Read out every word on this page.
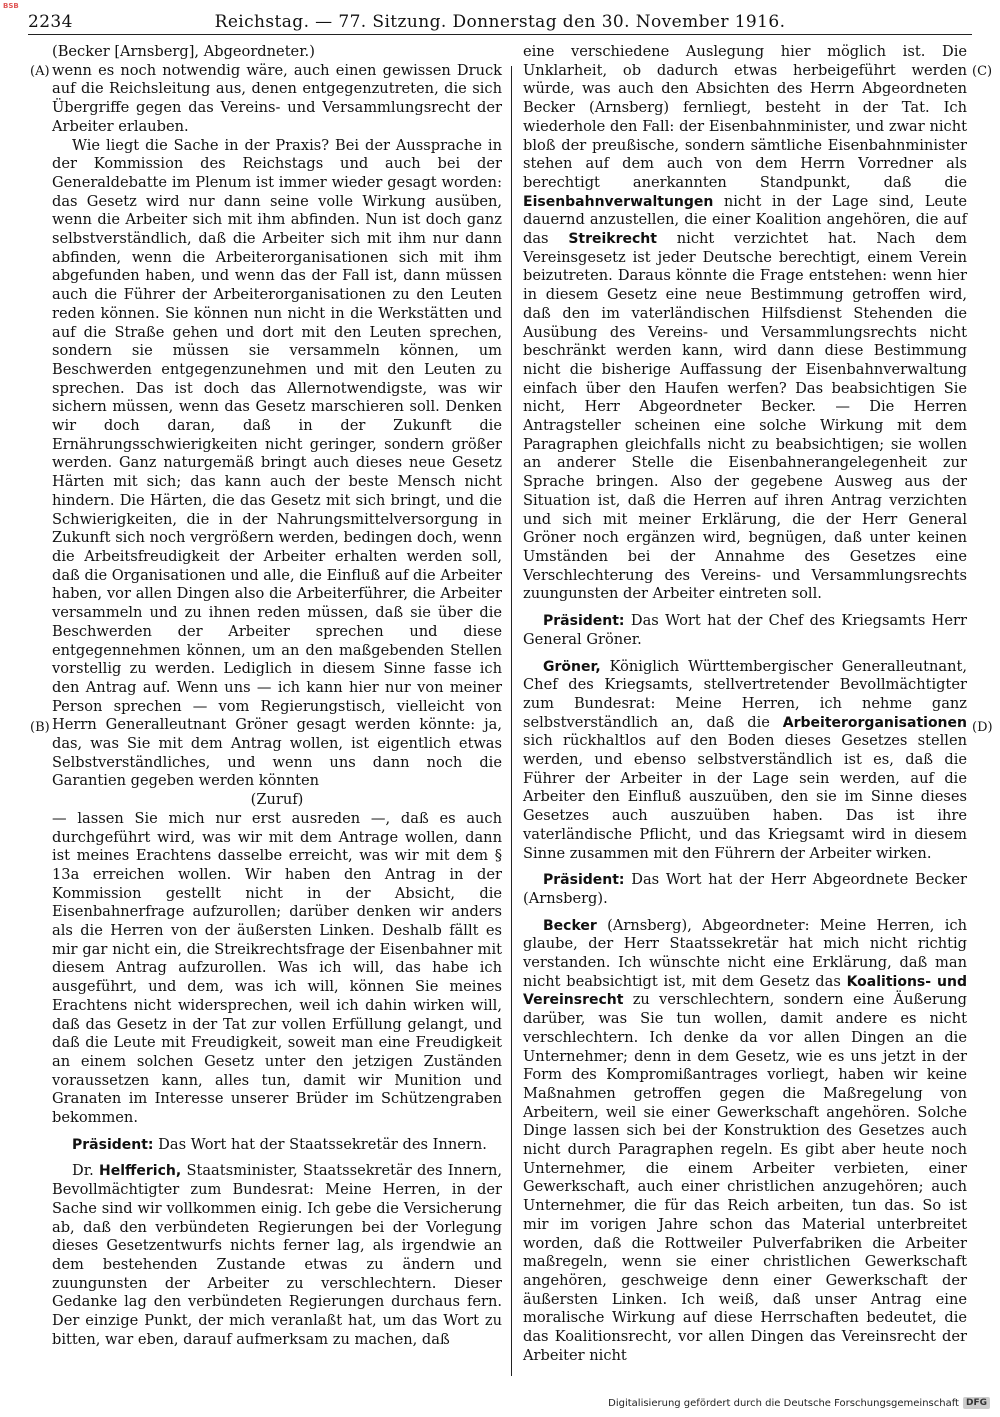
BSB
2234	Reichstag. — 77. Sitzung. Donnerstag den 30. November 1916.
(A)
(B)
(C)
(D)

(Becker [Arnsberg], Abgeordneter.)

wenn es noch notwendig wäre, auch einen gewissen Druck auf die Reichsleitung aus, denen entgegenzutreten, die sich Übergriffe gegen das Vereins- und Versammlungsrecht der Arbeiter erlauben.

Wie liegt die Sache in der Praxis? Bei der Aussprache in der Kommission des Reichstags und auch bei der Generaldebatte im Plenum ist immer wieder gesagt worden: das Gesetz wird nur dann seine volle Wirkung ausüben, wenn die Arbeiter sich mit ihm abfinden. Nun ist doch ganz selbstverständlich, daß die Arbeiter sich mit ihm nur dann abfinden, wenn die Arbeiterorganisationen sich mit ihm abgefunden haben, und wenn das der Fall ist, dann müssen auch die Führer der Arbeiterorganisationen zu den Leuten reden können. Sie können nun nicht in die Werkstätten und auf die Straße gehen und dort mit den Leuten sprechen, sondern sie müssen sie versammeln können, um Beschwerden entgegenzunehmen und mit den Leuten zu sprechen. Das ist doch das Allernotwendigste, was wir sichern müssen, wenn das Gesetz marschieren soll. Denken wir doch daran, daß in der Zukunft die Ernährungsschwierigkeiten nicht geringer, sondern größer werden. Ganz naturgemäß bringt auch dieses neue Gesetz Härten mit sich; das kann auch der beste Mensch nicht hindern. Die Härten, die das Gesetz mit sich bringt, und die Schwierigkeiten, die in der Nahrungsmittelversorgung in Zukunft sich noch vergrößern werden, bedingen doch, wenn die Arbeitsfreudigkeit der Arbeiter erhalten werden soll, daß die Organisationen und alle, die Einfluß auf die Arbeiter haben, vor allen Dingen also die Arbeiterführer, die Arbeiter versammeln und zu ihnen reden müssen, daß sie über die Beschwerden der Arbeiter sprechen und diese entgegennehmen können, um an den maßgebenden Stellen vorstellig zu werden. Lediglich in diesem Sinne fasse ich den Antrag auf. Wenn uns — ich kann hier nur von meiner Person sprechen — vom Regierungstisch, vielleicht von Herrn Generalleutnant Gröner gesagt werden könnte: ja, das, was Sie mit dem Antrag wollen, ist eigentlich etwas Selbstverständliches, und wenn uns dann noch die Garantien gegeben werden könnten

(Zuruf)

— lassen Sie mich nur erst ausreden —, daß es auch durchgeführt wird, was wir mit dem Antrage wollen, dann ist meines Erachtens dasselbe erreicht, was wir mit dem § 13a erreichen wollen. Wir haben den Antrag in der Kommission gestellt nicht in der Absicht, die Eisenbahnerfrage aufzurollen; darüber denken wir anders als die Herren von der äußersten Linken. Deshalb fällt es mir gar nicht ein, die Streikrechtsfrage der Eisenbahner mit diesem Antrag aufzurollen. Was ich will, das habe ich ausgeführt, und dem, was ich will, können Sie meines Erachtens nicht widersprechen, weil ich dahin wirken will, daß das Gesetz in der Tat zur vollen Erfüllung gelangt, und daß die Leute mit Freudigkeit, soweit man eine Freudigkeit an einem solchen Gesetz unter den jetzigen Zuständen voraussetzen kann, alles tun, damit wir Munition und Granaten im Interesse unserer Brüder im Schützengraben bekommen.

Präsident: Das Wort hat der Staatssekretär des Innern.

Dr. Helfferich, Staatsminister, Staatssekretär des Innern, Bevollmächtigter zum Bundesrat: Meine Herren, in der Sache sind wir vollkommen einig. Ich gebe die Versicherung ab, daß den verbündeten Regierungen bei der Vorlegung dieses Gesetzentwurfs nichts ferner lag, als irgendwie an dem bestehenden Zustande etwas zu ändern und zuungunsten der Arbeiter zu verschlechtern. Dieser Gedanke lag den verbündeten Regierungen durchaus fern. Der einzige Punkt, der mich veranlaßt hat, um das Wort zu bitten, war eben, darauf aufmerksam zu machen, daß

eine verschiedene Auslegung hier möglich ist. Die Unklarheit, ob dadurch etwas herbeigeführt werden würde, was auch den Absichten des Herrn Abgeordneten Becker (Arnsberg) fernliegt, besteht in der Tat. Ich wiederhole den Fall: der Eisenbahnminister, und zwar nicht bloß der preußische, sondern sämtliche Eisenbahnminister stehen auf dem auch von dem Herrn Vorredner als berechtigt anerkannten Standpunkt, daß die Eisenbahnverwaltungen nicht in der Lage sind, Leute dauernd anzustellen, die einer Koalition angehören, die auf das Streikrecht nicht verzichtet hat. Nach dem Vereinsgesetz ist jeder Deutsche berechtigt, einem Verein beizutreten. Daraus könnte die Frage entstehen: wenn hier in diesem Gesetz eine neue Bestimmung getroffen wird, daß den im vaterländischen Hilfsdienst Stehenden die Ausübung des Vereins- und Versammlungsrechts nicht beschränkt werden kann, wird dann diese Bestimmung nicht die bisherige Auffassung der Eisenbahnverwaltung einfach über den Haufen werfen? Das beabsichtigen Sie nicht, Herr Abgeordneter Becker. — Die Herren Antragsteller scheinen eine solche Wirkung mit dem Paragraphen gleichfalls nicht zu beabsichtigen; sie wollen an anderer Stelle die Eisenbahnerangelegenheit zur Sprache bringen. Also der gegebene Ausweg aus der Situation ist, daß die Herren auf ihren Antrag verzichten und sich mit meiner Erklärung, die der Herr General Gröner noch ergänzen wird, begnügen, daß unter keinen Umständen bei der Annahme des Gesetzes eine Verschlechterung des Vereins- und Versammlungsrechts zuungunsten der Arbeiter eintreten soll.

Präsident: Das Wort hat der Chef des Kriegsamts Herr General Gröner.

Gröner, Königlich Württembergischer Generalleutnant, Chef des Kriegsamts, stellvertretender Bevollmächtigter zum Bundesrat: Meine Herren, ich nehme ganz selbstverständlich an, daß die Arbeiterorganisationen sich rückhaltlos auf den Boden dieses Gesetzes stellen werden, und ebenso selbstverständlich ist es, daß die Führer der Arbeiter in der Lage sein werden, auf die Arbeiter den Einfluß auszuüben, den sie im Sinne dieses Gesetzes auch auszuüben haben. Das ist ihre vaterländische Pflicht, und das Kriegsamt wird in diesem Sinne zusammen mit den Führern der Arbeiter wirken.

Präsident: Das Wort hat der Herr Abgeordnete Becker (Arnsberg).

Becker (Arnsberg), Abgeordneter: Meine Herren, ich glaube, der Herr Staatssekretär hat mich nicht richtig verstanden. Ich wünschte nicht eine Erklärung, daß man nicht beabsichtigt ist, mit dem Gesetz das Koalitions- und Vereinsrecht zu verschlechtern, sondern eine Äußerung darüber, was Sie tun wollen, damit andere es nicht verschlechtern. Ich denke da vor allen Dingen an die Unternehmer; denn in dem Gesetz, wie es uns jetzt in der Form des Kompromißantrages vorliegt, haben wir keine Maßnahmen getroffen gegen die Maßregelung von Arbeitern, weil sie einer Gewerkschaft angehören. Solche Dinge lassen sich bei der Konstruktion des Gesetzes auch nicht durch Paragraphen regeln. Es gibt aber heute noch Unternehmer, die einem Arbeiter verbieten, einer Gewerkschaft, auch einer christlichen anzugehören; auch Unternehmer, die für das Reich arbeiten, tun das. So ist mir im vorigen Jahre schon das Material unterbreitet worden, daß die Rottweiler Pulverfabriken die Arbeiter maßregeln, wenn sie einer christlichen Gewerkschaft angehören, geschweige denn einer Gewerkschaft der äußersten Linken. Ich weiß, daß unser Antrag eine moralische Wirkung auf diese Herrschaften bedeutet, die das Koalitionsrecht, vor allen Dingen das Vereinsrecht der Arbeiter nicht

Digitalisierung gefördert durch die Deutsche Forschungsgemeinschaft DFG
